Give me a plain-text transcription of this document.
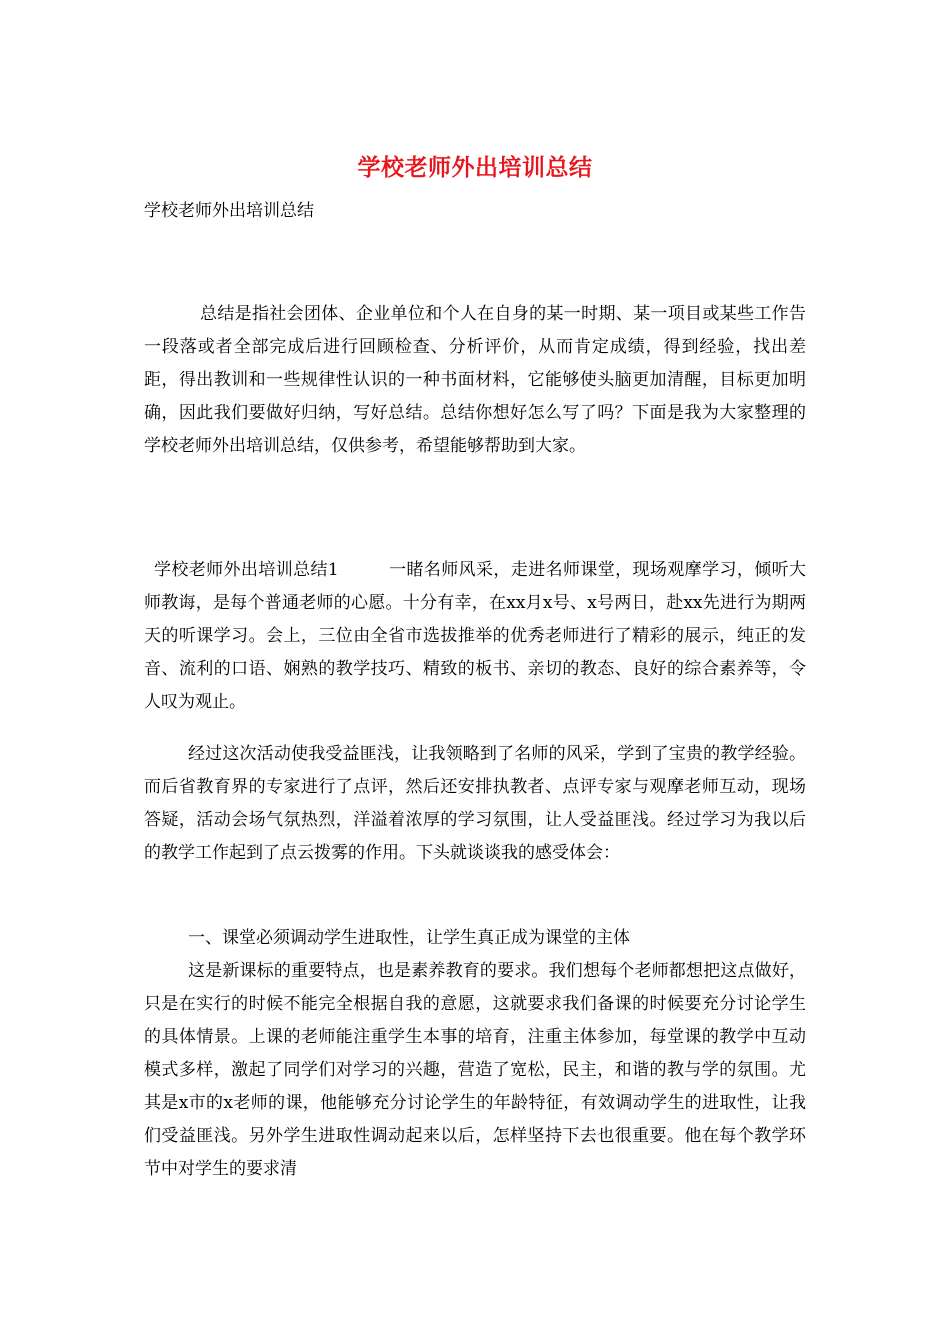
学校老师外出培训总结
学校老师外出培训总结

总结是指社会团体、企业单位和个人在自身的某一时期、某一项目或某些工作告一段落或者全部完成后进行回顾检查、分析评价，从而肯定成绩，得到经验，找出差距，得出教训和一些规律性认识的一种书面材料，它能够使头脑更加清醒，目标更加明确，因此我们要做好归纳，写好总结。总结你想好怎么写了吗？下面是我为大家整理的学校老师外出培训总结，仅供参考，希望能够帮助到大家。

学校老师外出培训总结1	一睹名师风采，走进名师课堂，现场观摩学习，倾听大师教诲，是每个普通老师的心愿。十分有幸，在xx月x号、x号两日，赴xx先进行为期两天的听课学习。会上，三位由全省市选拔推举的优秀老师进行了精彩的展示，纯正的发音、流利的口语、娴熟的教学技巧、精致的板书、亲切的教态、良好的综合素养等，令人叹为观止。

经过这次活动使我受益匪浅，让我领略到了名师的风采，学到了宝贵的教学经验。而后省教育界的专家进行了点评，然后还安排执教者、点评专家与观摩老师互动，现场答疑，活动会场气氛热烈，洋溢着浓厚的学习氛围，让人受益匪浅。经过学习为我以后的教学工作起到了点云拨雾的作用。下头就谈谈我的感受体会：

一、课堂必须调动学生进取性，让学生真正成为课堂的主体

这是新课标的重要特点，也是素养教育的要求。我们想每个老师都想把这点做好，只是在实行的时候不能完全根据自我的意愿，这就要求我们备课的时候要充分讨论学生的具体情景。上课的老师能注重学生本事的培育，注重主体参加，每堂课的教学中互动模式多样，激起了同学们对学习的兴趣，营造了宽松，民主，和谐的教与学的氛围。尤其是x市的x老师的课，他能够充分讨论学生的年龄特征，有效调动学生的进取性，让我们受益匪浅。另外学生进取性调动起来以后，怎样坚持下去也很重要。他在每个教学环节中对学生的要求清
